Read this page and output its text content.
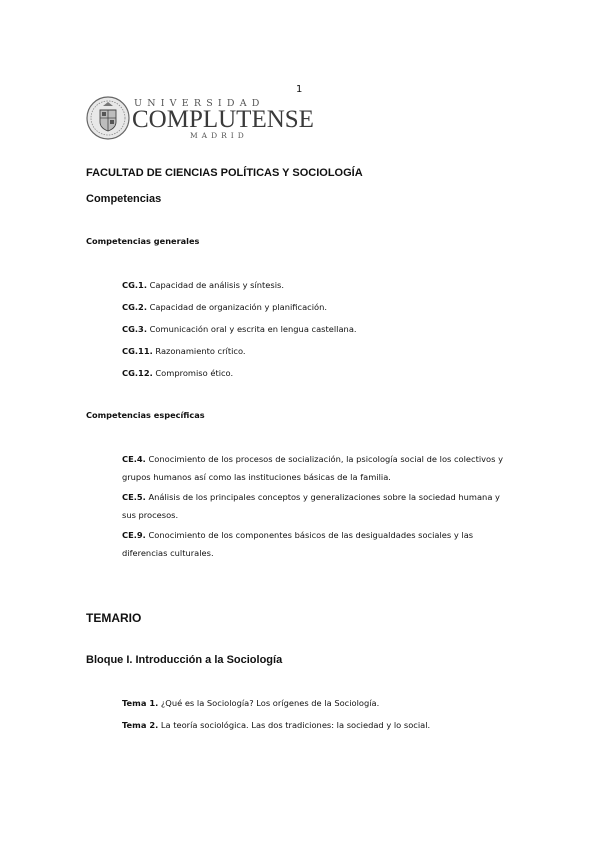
1
UNIVERSIDAD
COMPLUTENSE
MADRID
FACULTAD DE CIENCIAS POLÍTICAS Y SOCIOLOGÍA
Competencias
Competencias generales
CG.1. Capacidad de análisis y síntesis.
CG.2. Capacidad de organización y planificación.
CG.3. Comunicación oral y escrita en lengua castellana.
CG.11. Razonamiento crítico.
CG.12. Compromiso ético.
Competencias específicas
CE.4. Conocimiento de los procesos de socialización, la psicología social de los colectivos y grupos humanos así como las instituciones básicas de la familia.
CE.5. Análisis de los principales conceptos y generalizaciones sobre la sociedad humana y sus procesos.
CE.9. Conocimiento de los componentes básicos de las desigualdades sociales y las diferencias culturales.
TEMARIO
Bloque I. Introducción a la Sociología
Tema 1. ¿Qué es la Sociología? Los orígenes de la Sociología.
Tema 2. La teoría sociológica. Las dos tradiciones: la sociedad y lo social.
